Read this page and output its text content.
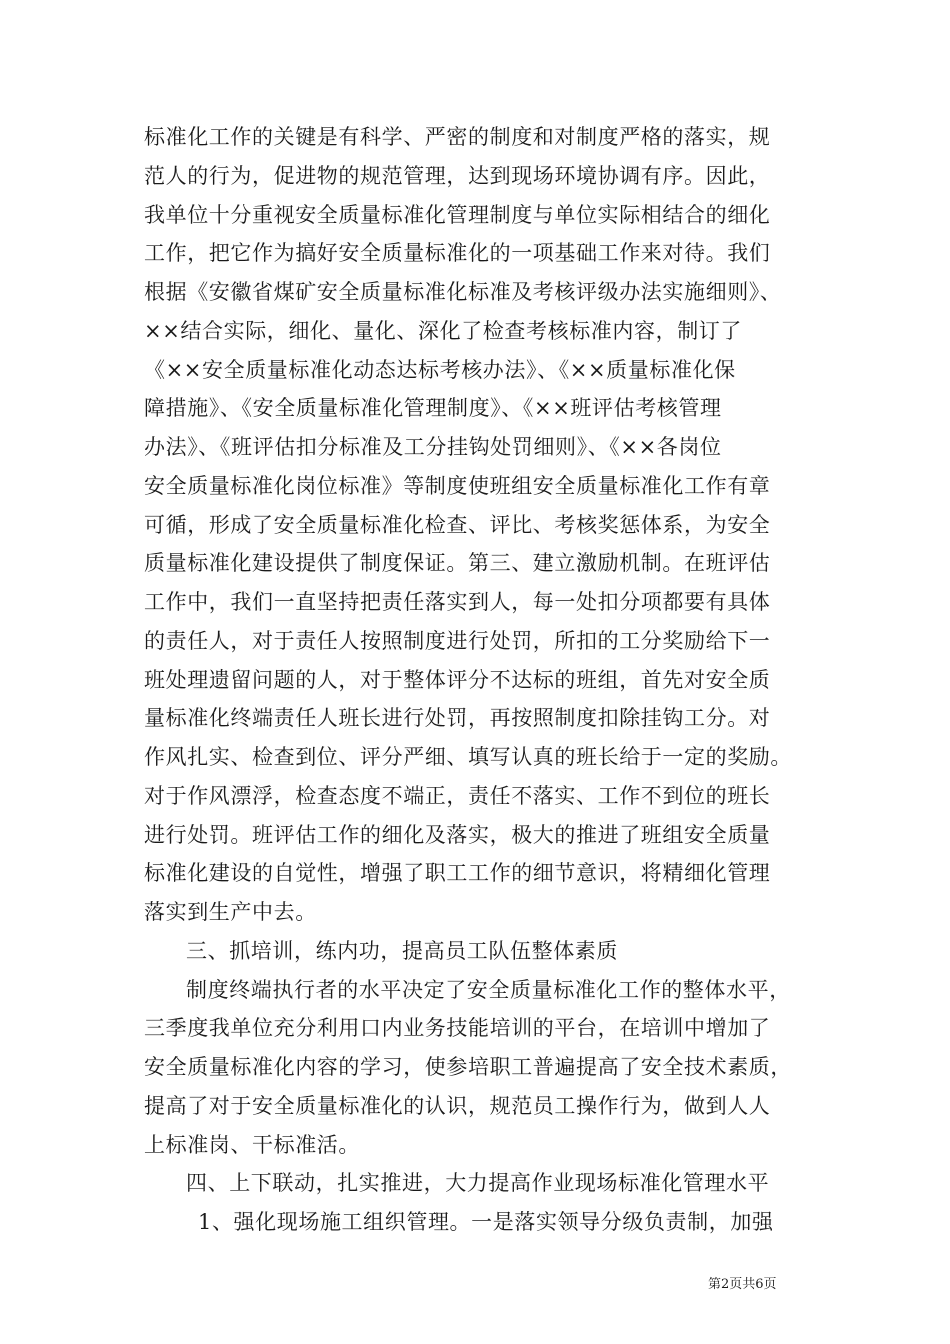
标准化工作的关键是有科学、严密的制度和对制度严格的落实，规
范人的行为，促进物的规范管理，达到现场环境协调有序。因此，
我单位十分重视安全质量标准化管理制度与单位实际相结合的细化
工作，把它作为搞好安全质量标准化的一项基础工作来对待。我们
根据《安徽省煤矿安全质量标准化标准及考核评级办法实施细则》、
××结合实际，细化、量化、深化了检查考核标准内容，制订了
《××安全质量标准化动态达标考核办法》、《××质量标准化保
障措施》、《安全质量标准化管理制度》、《××班评估考核管理
办法》、《班评估扣分标准及工分挂钩处罚细则》、《××各岗位
安全质量标准化岗位标准》等制度使班组安全质量标准化工作有章
可循，形成了安全质量标准化检查、评比、考核奖惩体系，为安全
质量标准化建设提供了制度保证。第三、建立激励机制。在班评估
工作中，我们一直坚持把责任落实到人，每一处扣分项都要有具体
的责任人，对于责任人按照制度进行处罚，所扣的工分奖励给下一
班处理遗留问题的人，对于整体评分不达标的班组，首先对安全质
量标准化终端责任人班长进行处罚，再按照制度扣除挂钩工分。对
作风扎实、检查到位、评分严细、填写认真的班长给于一定的奖励。
对于作风漂浮，检查态度不端正，责任不落实、工作不到位的班长
进行处罚。班评估工作的细化及落实，极大的推进了班组安全质量
标准化建设的自觉性，增强了职工工作的细节意识，将精细化管理
落实到生产中去。
三、抓培训，练内功，提高员工队伍整体素质
制度终端执行者的水平决定了安全质量标准化工作的整体水平，
三季度我单位充分利用口内业务技能培训的平台，在培训中增加了
安全质量标准化内容的学习，使参培职工普遍提高了安全技术素质，
提高了对于安全质量标准化的认识，规范员工操作行为，做到人人
上标准岗、干标准活。
四、上下联动，扎实推进，大力提高作业现场标准化管理水平
1、强化现场施工组织管理。一是落实领导分级负责制，加强
第2页共6页
